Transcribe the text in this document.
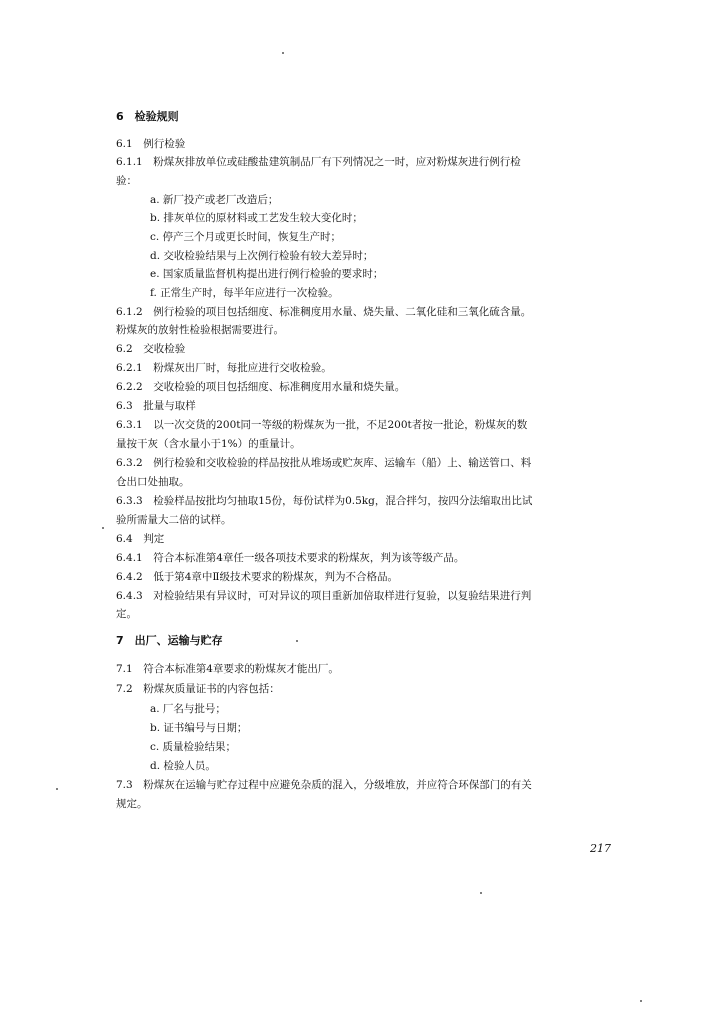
6　检验规则
6.1　例行检验
6.1.1　粉煤灰排放单位或硅酸盐建筑制品厂有下列情况之一时，应对粉煤灰进行例行检
验：
a. 新厂投产或老厂改造后；
b. 排灰单位的原材料或工艺发生较大变化时；
c. 停产三个月或更长时间，恢复生产时；
d. 交收检验结果与上次例行检验有较大差异时；
e. 国家质量监督机构提出进行例行检验的要求时；
f. 正常生产时，每半年应进行一次检验。
6.1.2　例行检验的项目包括细度、标准稠度用水量、烧失量、二氧化硅和三氧化硫含量。
粉煤灰的放射性检验根据需要进行。
6.2　交收检验
6.2.1　粉煤灰出厂时，每批应进行交收检验。
6.2.2　交收检验的项目包括细度、标准稠度用水量和烧失量。
6.3　批量与取样
6.3.1　以一次交货的200t同一等级的粉煤灰为一批，不足200t者按一批论，粉煤灰的数
量按干灰（含水量小于1%）的重量计。
6.3.2　例行检验和交收检验的样品按批从堆场或贮灰库、运输车（船）上、输送管口、料
仓出口处抽取。
6.3.3　检验样品按批均匀抽取15份，每份试样为0.5kg，混合拌匀，按四分法缩取出比试
验所需量大二倍的试样。
6.4　判定
6.4.1　符合本标准第4章任一级各项技术要求的粉煤灰，判为该等级产品。
6.4.2　低于第4章中Ⅱ级技术要求的粉煤灰，判为不合格品。
6.4.3　对检验结果有异议时，可对异议的项目重新加倍取样进行复验，以复验结果进行判
定。
7　出厂、运输与贮存
7.1　符合本标准第4章要求的粉煤灰才能出厂。
7.2　粉煤灰质量证书的内容包括：
a. 厂名与批号；
b. 证书编号与日期；
c. 质量检验结果；
d. 检验人员。
7.3　粉煤灰在运输与贮存过程中应避免杂质的混入，分级堆放，并应符合环保部门的有关
规定。
217
